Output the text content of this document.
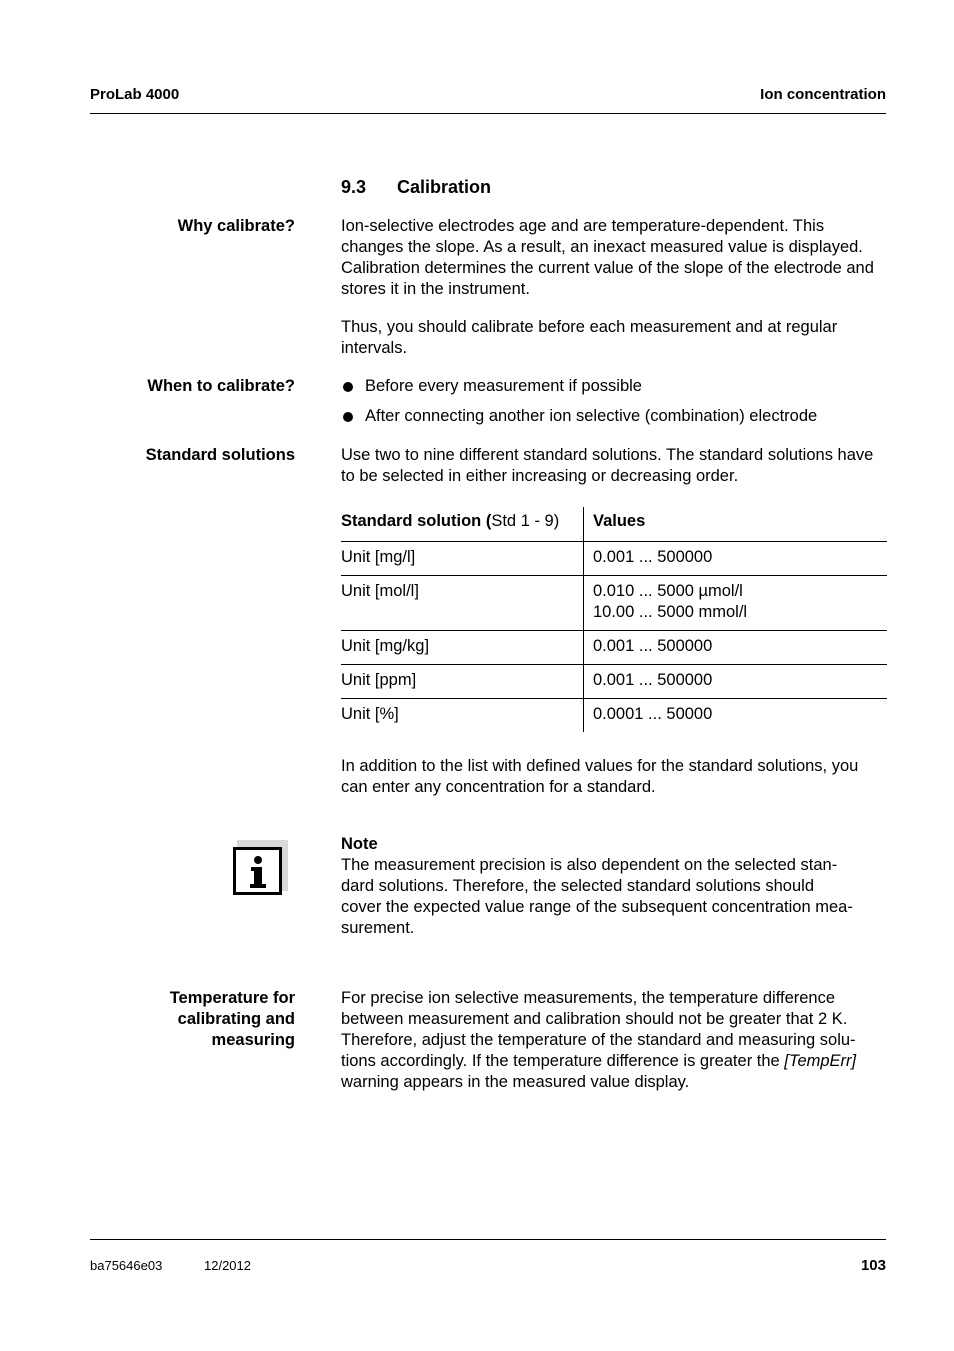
ProLab 4000	Ion concentration
9.3 Calibration
Why calibrate?	Ion-selective electrodes age and are temperature-dependent. This changes the slope. As a result, an inexact measured value is displayed. Calibration determines the current value of the slope of the electrode and stores it in the instrument.
Thus, you should calibrate before each measurement and at regular intervals.
When to calibrate?	Before every measurement if possible
After connecting another ion selective (combination) electrode
Standard solutions	Use two to nine different standard solutions. The standard solutions have to be selected in either increasing or decreasing order.
Standard solution (Std 1 - 9)	Values
Unit [mg/l]	0.001 ... 500000
Unit [mol/l]	0.010 ... 5000 µmol/l
10.00 ... 5000 mmol/l

Unit [mg/kg]	0.001 ... 500000
Unit [ppm]	0.001 ... 500000
Unit [%]	0.0001 ... 50000
In addition to the list with defined values for the standard solutions, you can enter any concentration for a standard.
Note
The measurement precision is also dependent on the selected stan-
dard solutions. Therefore, the selected standard solutions should
cover the expected value range of the subsequent concentration mea-
surement.
Temperature for
calibrating and
measuring
For precise ion selective measurements, the temperature difference
between measurement and calibration should not be greater that 2 K.
Therefore, adjust the temperature of the standard and measuring solu-
tions accordingly. If the temperature difference is greater the [TempErr]
warning appears in the measured value display.
ba75646e03	12/2012	103
